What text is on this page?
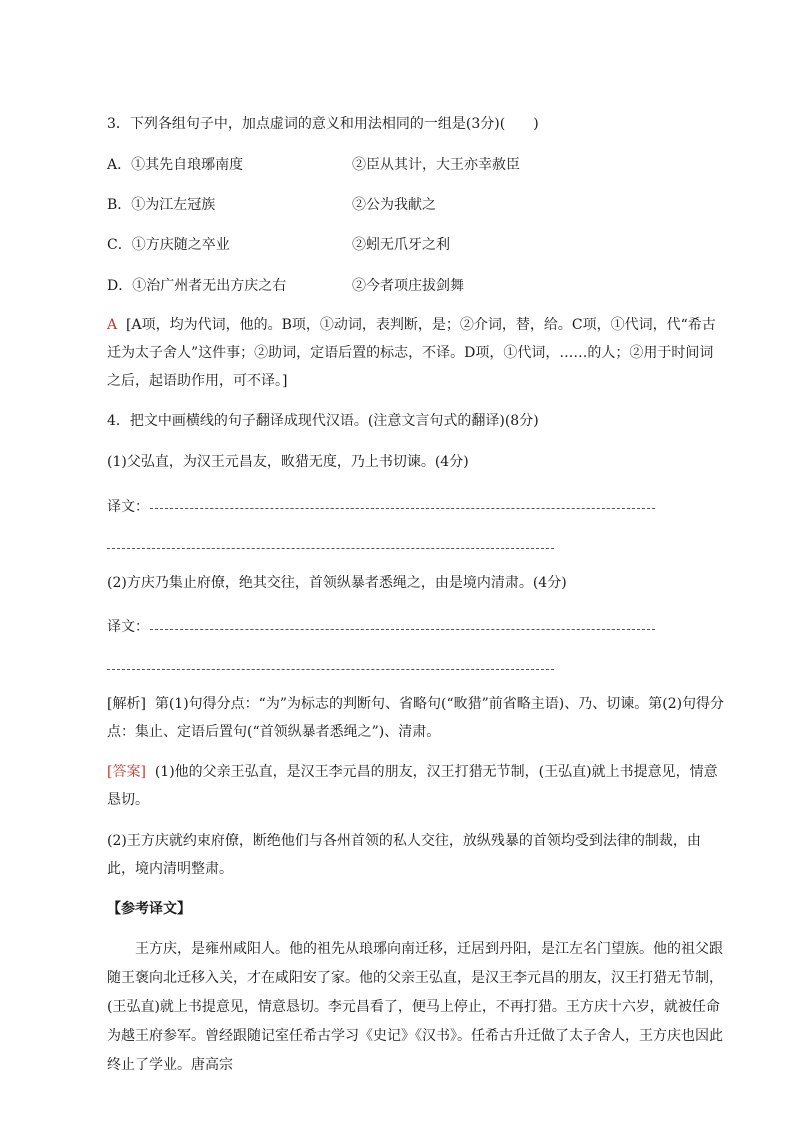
3．下列各组句子中，加点虚词的意义和用法相同的一组是(3分)(　　)
A．①其先自琅琊南度	②臣从其计，大王亦幸赦臣
B．①为江左冠族	②公为我献之
C．①方庆随之卒业	②蚓无爪牙之利
D．①治广州者无出方庆之右	②今者项庄拔剑舞
A [A项，均为代词，他的。B项，①动词，表判断，是；②介词，替，给。C项，①代词，代“希古迁为太子舍人”这件事；②助词，定语后置的标志，不译。D项，①代词，……的人；②用于时间词之后，起语助作用，可不译。]
4．把文中画横线的句子翻译成现代汉语。(注意文言句式的翻译)(8分)
(1)父弘直，为汉王元昌友，畋猎无度，乃上书切谏。(4分)
译文：
(2)方庆乃集止府僚，绝其交往，首领纵暴者悉绳之，由是境内清肃。(4分)
译文：
[解析] 第(1)句得分点：“为”为标志的判断句、省略句(“畋猎”前省略主语)、乃、切谏。第(2)句得分点：集止、定语后置句(“首领纵暴者悉绳之”)、清肃。
[答案] (1)他的父亲王弘直，是汉王李元昌的朋友，汉王打猎无节制，(王弘直)就上书提意见，情意恳切。
(2)王方庆就约束府僚，断绝他们与各州首领的私人交往，放纵残暴的首领均受到法律的制裁，由此，境内清明整肃。
【参考译文】
王方庆，是雍州咸阳人。他的祖先从琅琊向南迁移，迁居到丹阳，是江左名门望族。他的祖父跟随王褒向北迁移入关，才在咸阳安了家。他的父亲王弘直，是汉王李元昌的朋友，汉王打猎无节制，(王弘直)就上书提意见，情意恳切。李元昌看了，便马上停止，不再打猎。王方庆十六岁，就被任命为越王府参军。曾经跟随记室任希古学习《史记》《汉书》。任希古升迁做了太子舍人，王方庆也因此终止了学业。唐高宗
